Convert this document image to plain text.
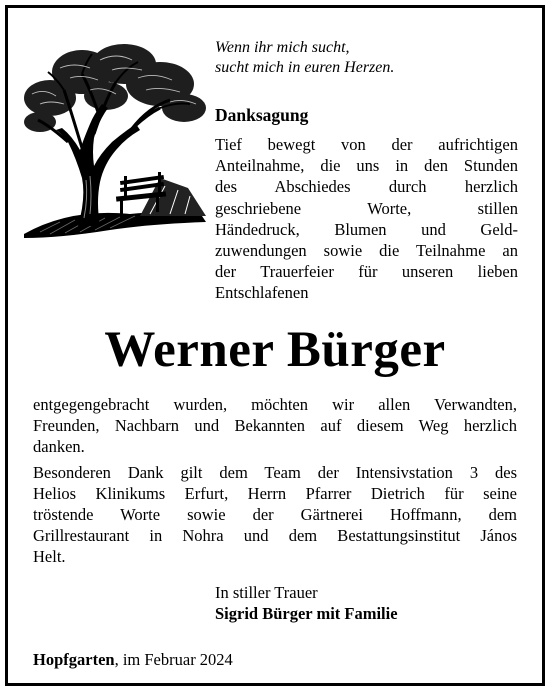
Wenn ihr mich sucht,
sucht mich in euren Herzen.
Danksagung
Tief bewegt von der aufrichtigen
Anteilnahme, die uns in den Stunden
des Abschiedes durch herzlich
geschriebene Worte, stillen
Händedruck, Blumen und Geld-
zuwendungen sowie die Teilnahme an
der Trauerfeier für unseren lieben
Entschlafenen
Werner Bürger
entgegengebracht wurden, möchten wir allen Verwandten,
Freunden, Nachbarn und Bekannten auf diesem Weg herzlich
danken.
Besonderen Dank gilt dem Team der Intensivstation 3 des
Helios Klinikums Erfurt, Herrn Pfarrer Dietrich für seine
tröstende Worte sowie der Gärtnerei Hoffmann, dem
Grillrestaurant in Nohra und dem Bestattungsinstitut János
Helt.
In stiller Trauer
Sigrid Bürger mit Familie
Hopfgarten, im Februar 2024
